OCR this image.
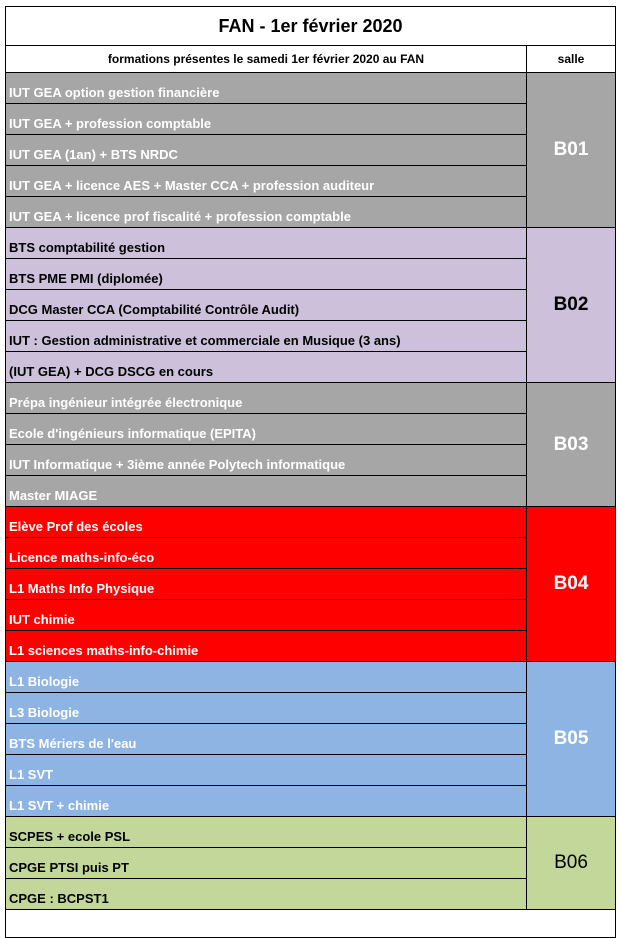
FAN - 1er février 2020	
formations présentes le samedi 1er février 2020 au FAN	salle
IUT GEA option gestion financière	B01
IUT GEA + profession comptable	
IUT GEA (1an) + BTS NRDC	
IUT GEA + licence AES + Master CCA + profession auditeur	
IUT GEA + licence prof fiscalité + profession comptable	
BTS comptabilité gestion	B02
BTS PME PMI (diplomée)	
DCG Master CCA (Comptabilité Contrôle Audit)	
IUT : Gestion administrative et commerciale en Musique (3 ans)	
(IUT GEA) + DCG DSCG en cours	
Prépa ingénieur intégrée électronique	B03
Ecole d'ingénieurs informatique (EPITA)	
IUT Informatique + 3ième année Polytech informatique	
Master MIAGE	
Elève Prof des écoles	B04
Licence maths-info-éco	
L1 Maths Info Physique	
IUT chimie	
L1 sciences maths-info-chimie	
L1 Biologie	B05
L3 Biologie	
BTS Mériers de l'eau	
L1 SVT	
L1 SVT + chimie	
SCPES + ecole PSL	B06
CPGE PTSI puis PT	
CPGE : BCPST1	
